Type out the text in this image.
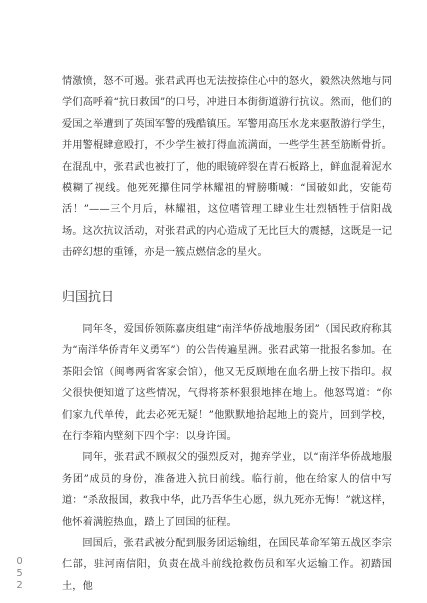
情激愤，怒不可遏。张君武再也无法按捺住心中的怒火，毅然决然地与同学们高呼着“抗日救国”的口号，冲进日本街街道游行抗议。然而，他们的爱国之举遭到了英国军警的残酷镇压。军警用高压水龙来驱散游行学生，并用警棍肆意殴打，不少学生被打得血流满面，一些学生甚至筋断骨折。在混乱中，张君武也被打了，他的眼镜碎裂在青石板路上，鲜血混着泥水模糊了视线。他死死攥住同学林耀祖的臂膀嘶喊：“国破如此，安能苟活！”——三个月后，林耀祖，这位嗜管理工肆业生壮烈牺牲于信阳战场。这次抗议活动，对张君武的内心造成了无比巨大的震撼，这既是一记击碎幻想的重锤，亦是一簇点燃信念的星火。

归国抗日

同年冬，爱国侨领陈嘉庚组建“南洋华侨战地服务团”（国民政府称其为“南洋华侨青年义勇军”）的公告传遍星洲。张君武第一批报名参加。在茶阳会馆（闽粤两省客家会馆），他又无反顾地在血名册上按下指印。叔父很快便知道了这些情况，气得将茶杯狠狠地摔在地上。他怒骂道：“你们家九代单传，此去必死无疑！”他默默地拾起地上的瓷片，回到学校，在行李箱内壁刻下四个字：以身许国。

同年，张君武不顾叔父的强烈反对，抛弃学业，以“南洋华侨战地服务团”成员的身份，准备进入抗日前线。临行前，他在给家人的信中写道：“杀敌报国，救我中华，此乃吾华生心愿，纵九死亦无悔！”就这样，他怀着满腔热血，踏上了回国的征程。

回国后，张君武被分配到服务团运输组，在国民革命军第五战区李宗仁部，驻河南信阳，负责在战斗前线抢救伤员和军火运输工作。初踏国土，他

052
